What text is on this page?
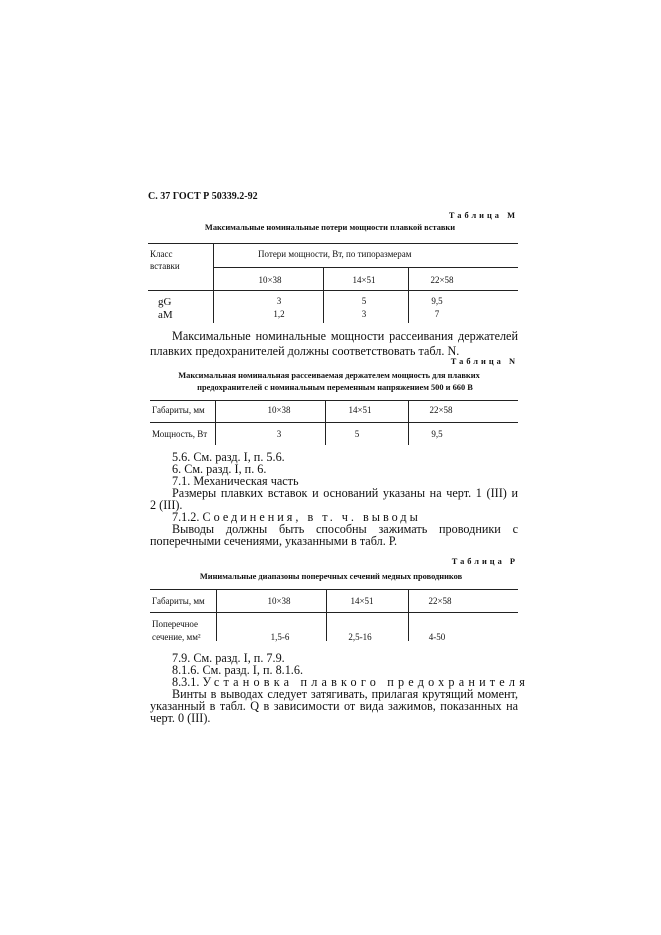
С. 37 ГОСТ Р 50339.2-92
Таблица М
Максимальные номинальные потери мощности плавкой вставки
Класс
вставки
Потери мощности, Вт, по типоразмерам
10×38	14×51	22×58
gG	3	5	9,5
aM	1,2	3	7
Максимальные номинальные мощности рассеивания держателей
плавких предохранителей должны соответствовать табл. N.
Таблица N
Максимальная номинальная рассеиваемая держателем мощность для плавких
предохранителей с номинальным переменным напряжением 500 и 660 В
Габариты, мм	10×38	14×51	22×58
Мощность, Вт	3	5	9,5
5.6. См. разд. I, п. 5.6.
6. См. разд. I, п. 6.
7.1. Механическая часть
Размеры плавких вставок и оснований указаны на черт. 1 (III) и
2 (III).
7.1.2. Соединения, в т. ч. выводы
Выводы должны быть способны зажимать проводники с
поперечными сечениями, указанными в табл. Р.
Таблица Р
Минимальные диапазоны поперечных сечений медных проводников
Габариты, мм	10×38	14×51	22×58
Поперечное
сечение, мм²	1,5-6	2,5-16	4-50
7.9. См. разд. I, п. 7.9.
8.1.6. См. разд. I, п. 8.1.6.
8.3.1. Установка плавкого предохранителя
Винты в выводах следует затягивать, прилагая крутящий момент,
указанный в табл. Q в зависимости от вида зажимов, показанных на
черт. 0 (III).
